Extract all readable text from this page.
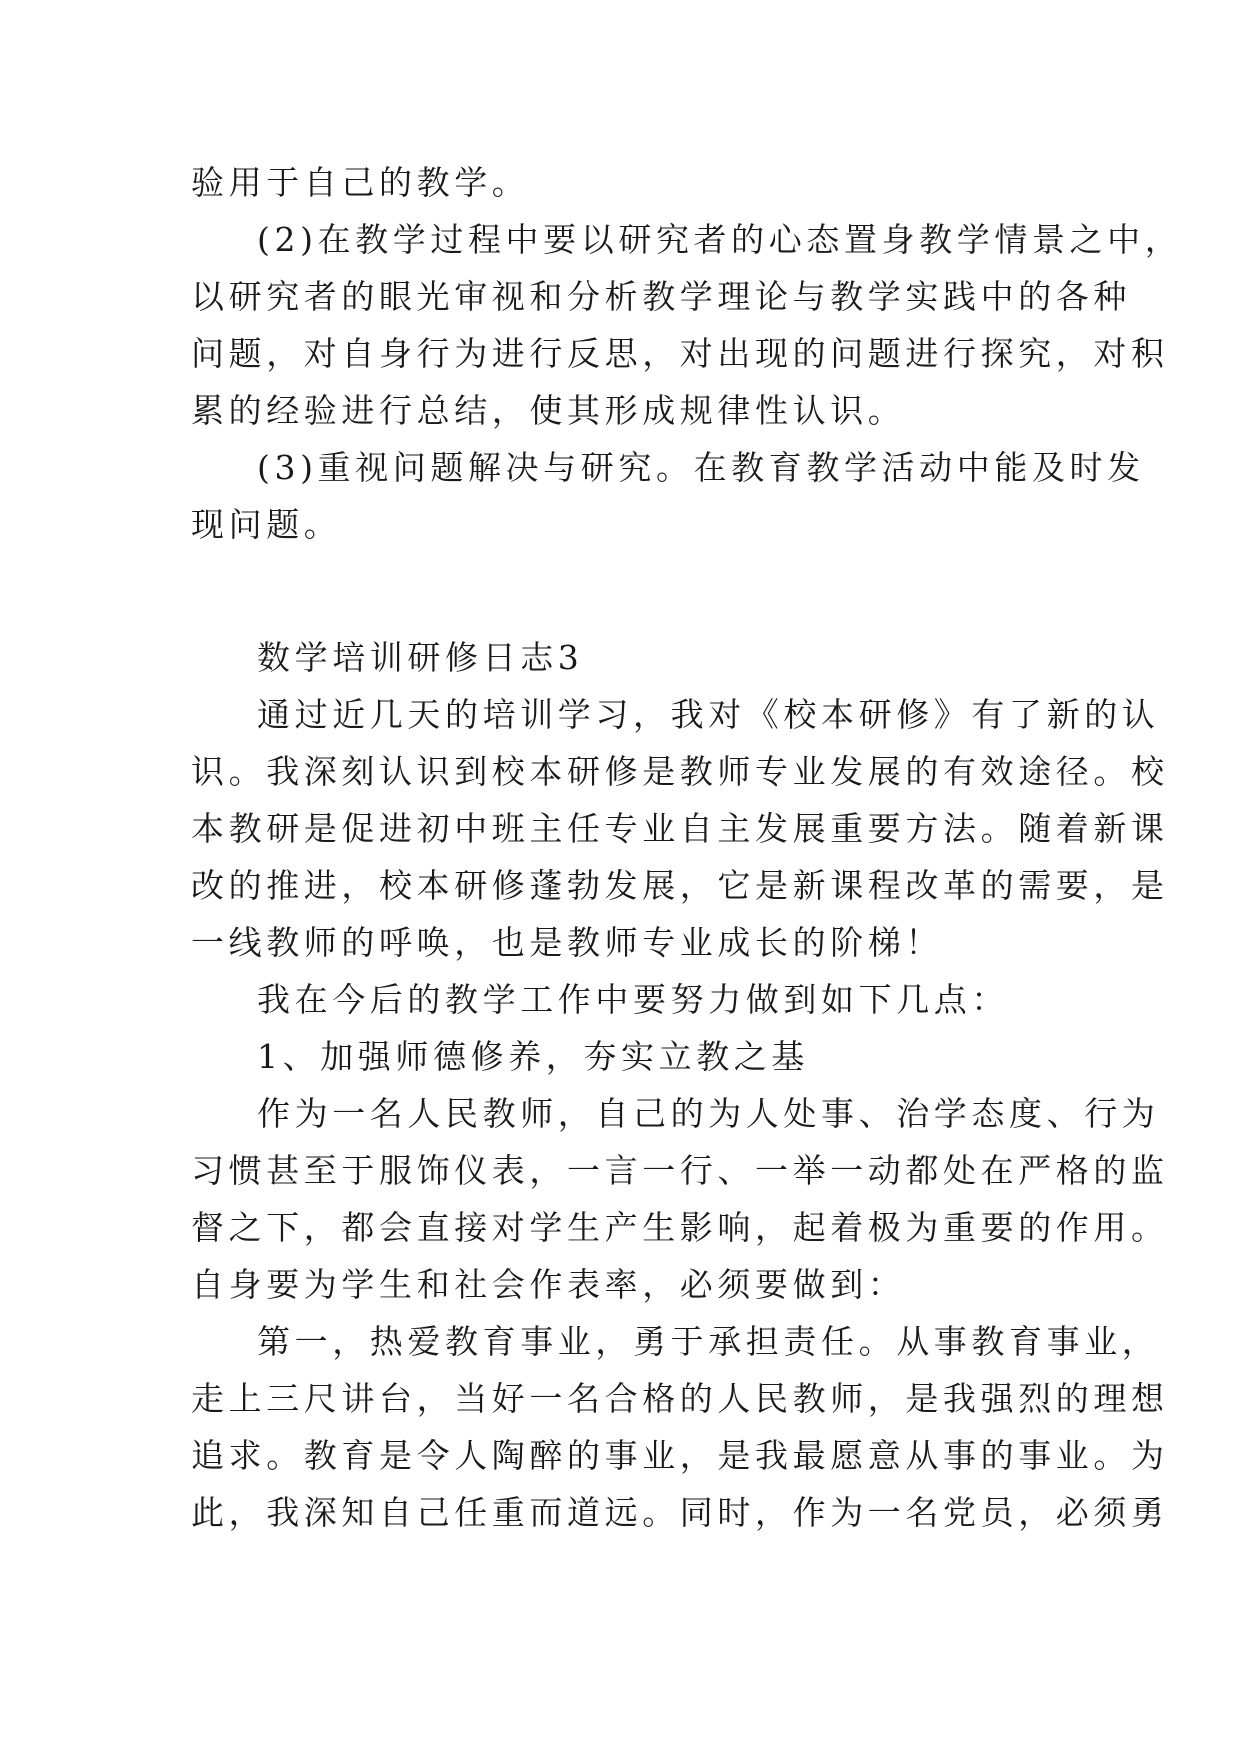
验用于自己的教学。
(2)在教学过程中要以研究者的心态置身教学情景之中，
以研究者的眼光审视和分析教学理论与教学实践中的各种
问题，对自身行为进行反思，对出现的问题进行探究，对积
累的经验进行总结，使其形成规律性认识。
(3)重视问题解决与研究。在教育教学活动中能及时发
现问题。
数学培训研修日志3
通过近几天的培训学习，我对《校本研修》有了新的认
识。我深刻认识到校本研修是教师专业发展的有效途径。校
本教研是促进初中班主任专业自主发展重要方法。随着新课
改的推进，校本研修蓬勃发展，它是新课程改革的需要，是
一线教师的呼唤，也是教师专业成长的阶梯！
我在今后的教学工作中要努力做到如下几点：
1、加强师德修养，夯实立教之基
作为一名人民教师，自己的为人处事、治学态度、行为
习惯甚至于服饰仪表，一言一行、一举一动都处在严格的监
督之下，都会直接对学生产生影响，起着极为重要的作用。
自身要为学生和社会作表率，必须要做到：
第一，热爱教育事业，勇于承担责任。从事教育事业，
走上三尺讲台，当好一名合格的人民教师，是我强烈的理想
追求。教育是令人陶醉的事业，是我最愿意从事的事业。为
此，我深知自己任重而道远。同时，作为一名党员，必须勇
